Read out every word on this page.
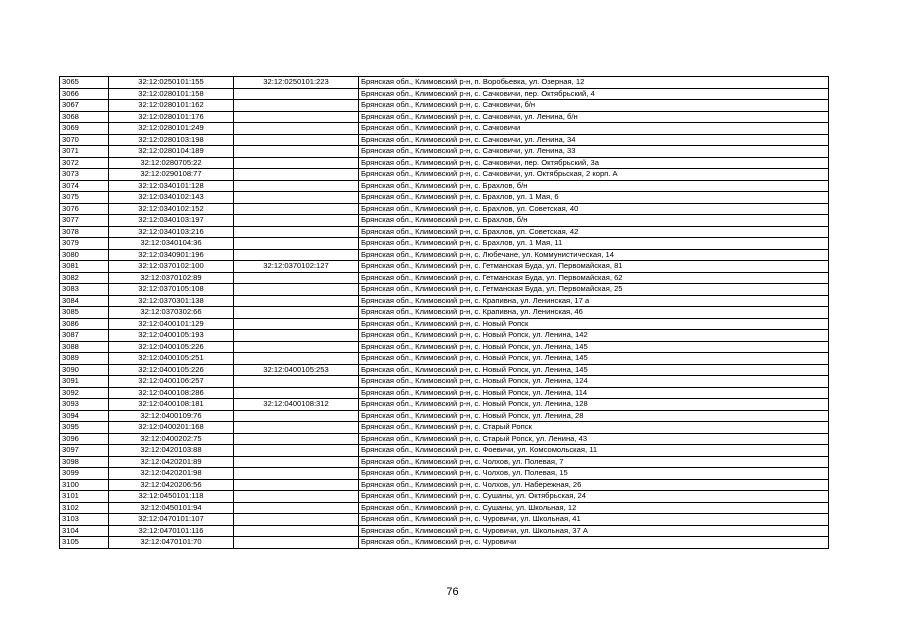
3065	32:12:0250101:155	32:12:0250101:223	Брянская обл., Климовский р-н, п. Воробьевка, ул. Озерная, 12
3066	32:12:0280101:158		Брянская обл., Климовский р-н, с. Сачковичи, пер. Октябрьский, 4
3067	32:12:0280101:162		Брянская обл., Климовский р-н, с. Сачковичи, б/н
3068	32:12:0280101:176		Брянская обл., Климовский р-н, с. Сачковичи, ул. Ленина, б/н
3069	32:12:0280101:249		Брянская обл., Климовский р-н, с. Сачковичи
3070	32:12:0280103:198		Брянская обл., Климовский р-н, с. Сачковичи, ул. Ленина, 34
3071	32:12:0280104:189		Брянская обл., Климовский р-н, с. Сачковичи, ул. Ленина, 33
3072	32:12:0280705:22		Брянская обл., Климовский р-н, с. Сачковичи, пер. Октябрьский, 3а
3073	32:12:0290108:77		Брянская обл., Климовский р-н, с. Сачковичи, ул. Октябрьская, 2 корп. А
3074	32:12:0340101:128		Брянская обл., Климовский р-н, с. Брахлов, б/н
3075	32:12:0340102:143		Брянская обл., Климовский р-н, с. Брахлов, ул. 1 Мая, 6
3076	32:12:0340102:152		Брянская обл., Климовский р-н, с. Брахлов, ул. Советская, 40
3077	32:12:0340103:197		Брянская обл., Климовский р-н, с. Брахлов, б/н
3078	32:12:0340103:216		Брянская обл., Климовский р-н, с. Брахлов, ул. Советская, 42
3079	32:12:0340104:36		Брянская обл., Климовский р-н, с. Брахлов, ул. 1 Мая, 11
3080	32:12:0340901:196		Брянская обл., Климовский р-н, с. Любечане, ул. Коммунистическая, 14
3081	32:12:0370102:100	32:12:0370102:127	Брянская обл., Климовский р-н, с. Гетманская Буда, ул. Первомайская, 81
3082	32:12:0370102:89		Брянская обл., Климовский р-н, с. Гетманская Буда, ул. Первомайская, 62
3083	32:12:0370105:108		Брянская обл., Климовский р-н, с. Гетманская Буда, ул. Первомайская, 25
3084	32:12:0370301:138		Брянская обл., Климовский р-н, с. Крапивна, ул. Ленинская, 17 а
3085	32:12:0370302:66		Брянская обл., Климовский р-н, с. Крапивна, ул. Ленинская, 46
3086	32:12:0400101:129		Брянская обл., Климовский р-н, с. Новый Ропск
3087	32:12:0400105:193		Брянская обл., Климовский р-н, с. Новый Ропск, ул. Ленина, 142
3088	32:12:0400105:226		Брянская обл., Климовский р-н, с. Новый Ропск, ул. Ленина, 145
3089	32:12:0400105:251		Брянская обл., Климовский р-н, с. Новый Ропск, ул. Ленина, 145
3090	32:12:0400105:226	32:12:0400105:253	Брянская обл., Климовский р-н, с. Новый Ропск, ул. Ленина, 145
3091	32:12:0400106:257		Брянская обл., Климовский р-н, с. Новый Ропск, ул. Ленина, 124
3092	32:12:0400108:286		Брянская обл., Климовский р-н, с. Новый Ропск, ул. Ленина, 114
3093	32:12:0400108:181	32:12:0400108:312	Брянская обл., Климовский р-н, с. Новый Ропск, ул. Ленина, 128
3094	32:12:0400109:76		Брянская обл., Климовский р-н, с. Новый Ропск, ул. Ленина, 28
3095	32:12:0400201:168		Брянская обл., Климовский р-н, с. Старый Ропск
3096	32:12:0400202:75		Брянская обл., Климовский р-н, с. Старый Ропск, ул. Ленина, 43
3097	32:12:0420103:88		Брянская обл., Климовский р-н, с. Фоевичи, ул. Комсомольская, 11
3098	32:12:0420201:89		Брянская обл., Климовский р-н, с. Чолхов, ул. Полевая, 7
3099	32:12:0420201:98		Брянская обл., Климовский р-н, с. Чолхов, ул. Полевая, 15
3100	32:12:0420206:56		Брянская обл., Климовский р-н, с. Чолхов, ул. Набережная, 26
3101	32:12:0450101:118		Брянская обл., Климовский р-н, с. Сушаны, ул. Октябрьская, 24
3102	32:12:0450101:94		Брянская обл., Климовский р-н, с. Сушаны, ул. Школьная, 12
3103	32:12:0470101:107		Брянская обл., Климовский р-н, с. Чуровичи, ул. Школьная, 41
3104	32:12:0470101:116		Брянская обл., Климовский р-н, с. Чуровичи, ул. Школьная, 37 А
3105	32:12:0470101:70		Брянская обл., Климовский р-н, с. Чуровичи
76
